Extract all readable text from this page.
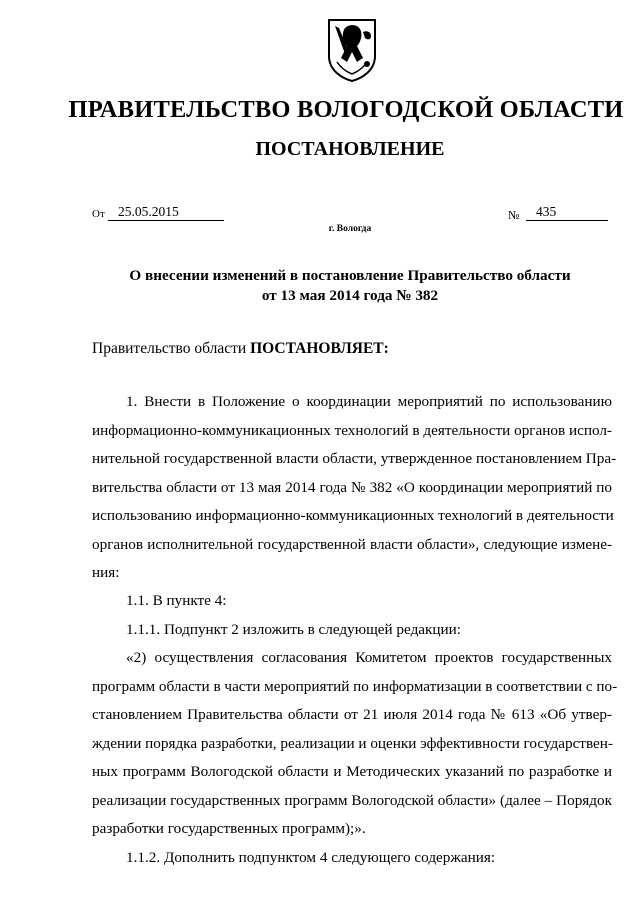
ПРАВИТЕЛЬСТВО ВОЛОГОДСКОЙ ОБЛАСТИ
ПОСТАНОВЛЕНИЕ
От 25.05.2015	№	435
г. Вологда
О внесении изменений в постановление Правительство области
от 13 мая 2014 года № 382
Правительство области ПОСТАНОВЛЯЕТ:
1. Внести в Положение о координации мероприятий по использованию
информационно-коммуникационных технологий в деятельности органов испол-
нительной государственной власти области, утвержденное постановлением Пра-
вительства области от 13 мая 2014 года № 382 «О координации мероприятий по
использованию информационно-коммуникационных технологий в деятельности
органов исполнительной государственной власти области», следующие измене-
ния:
1.1. В пункте 4:
1.1.1. Подпункт 2 изложить в следующей редакции:
«2) осуществления согласования Комитетом проектов государственных
программ области в части мероприятий по информатизации в соответствии с по-
становлением Правительства области от 21 июля 2014 года № 613 «Об утвер-
ждении порядка разработки, реализации и оценки эффективности государствен-
ных программ Вологодской области и Методических указаний по разработке и
реализации государственных программ Вологодской области» (далее – Порядок
разработки государственных программ);».
1.1.2. Дополнить подпунктом 4 следующего содержания:
